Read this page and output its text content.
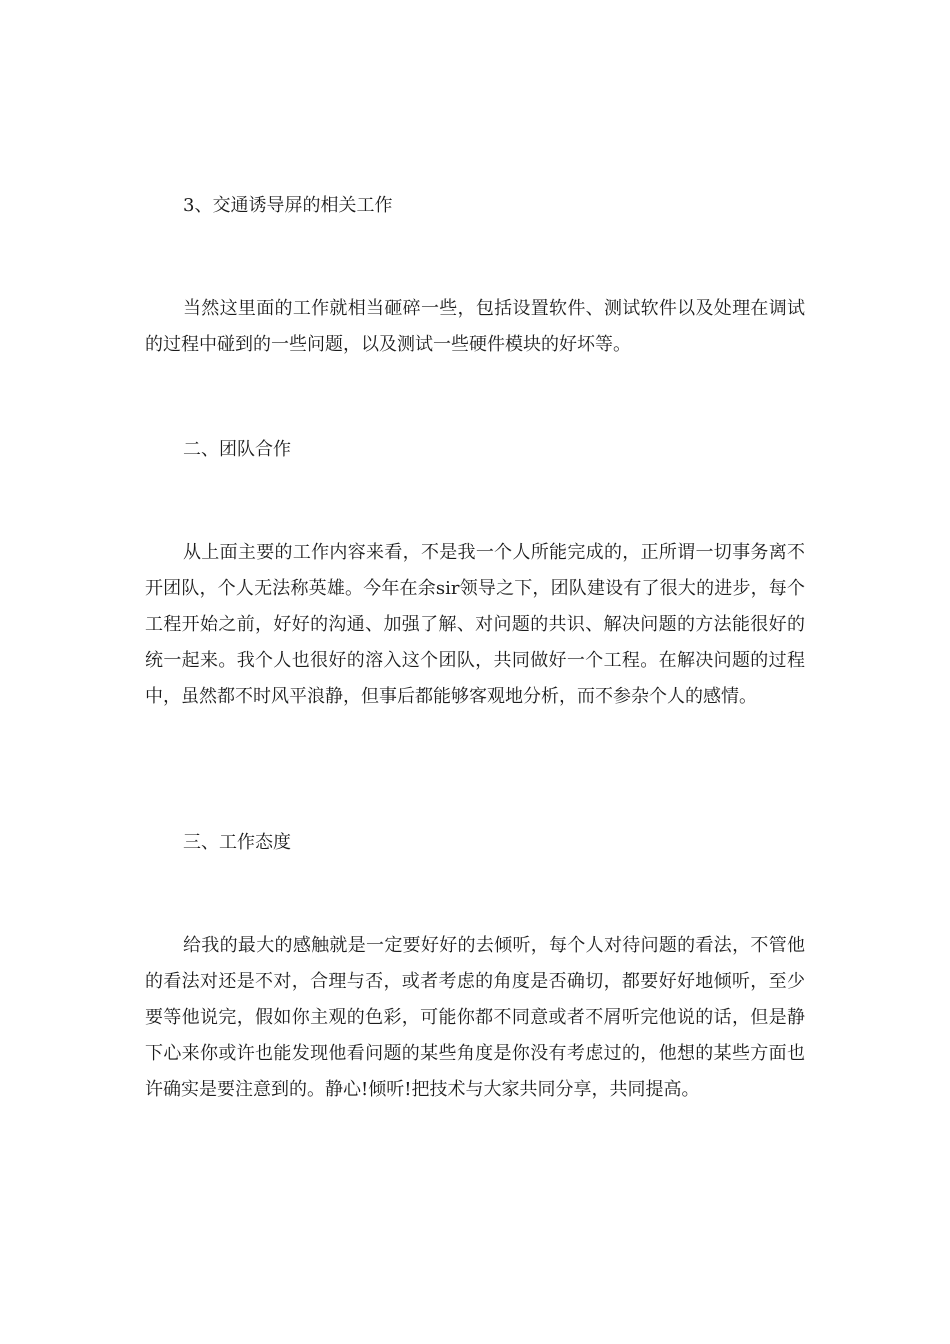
3、交通诱导屏的相关工作

当然这里面的工作就相当砸碎一些，包括设置软件、测试软件以及处理在调试的过程中碰到的一些问题，以及测试一些硬件模块的好坏等。

二、团队合作

从上面主要的工作内容来看，不是我一个人所能完成的，正所谓一切事务离不开团队，个人无法称英雄。今年在余sir领导之下，团队建设有了很大的进步，每个工程开始之前，好好的沟通、加强了解、对问题的共识、解决问题的方法能很好的统一起来。我个人也很好的溶入这个团队，共同做好一个工程。在解决问题的过程中，虽然都不时风平浪静，但事后都能够客观地分析，而不参杂个人的感情。

三、工作态度

给我的最大的感触就是一定要好好的去倾听，每个人对待问题的看法，不管他的看法对还是不对，合理与否，或者考虑的角度是否确切，都要好好地倾听，至少要等他说完，假如你主观的色彩，可能你都不同意或者不屑听完他说的话，但是静下心来你或许也能发现他看问题的某些角度是你没有考虑过的，他想的某些方面也许确实是要注意到的。静心!倾听!把技术与大家共同分享，共同提高。
